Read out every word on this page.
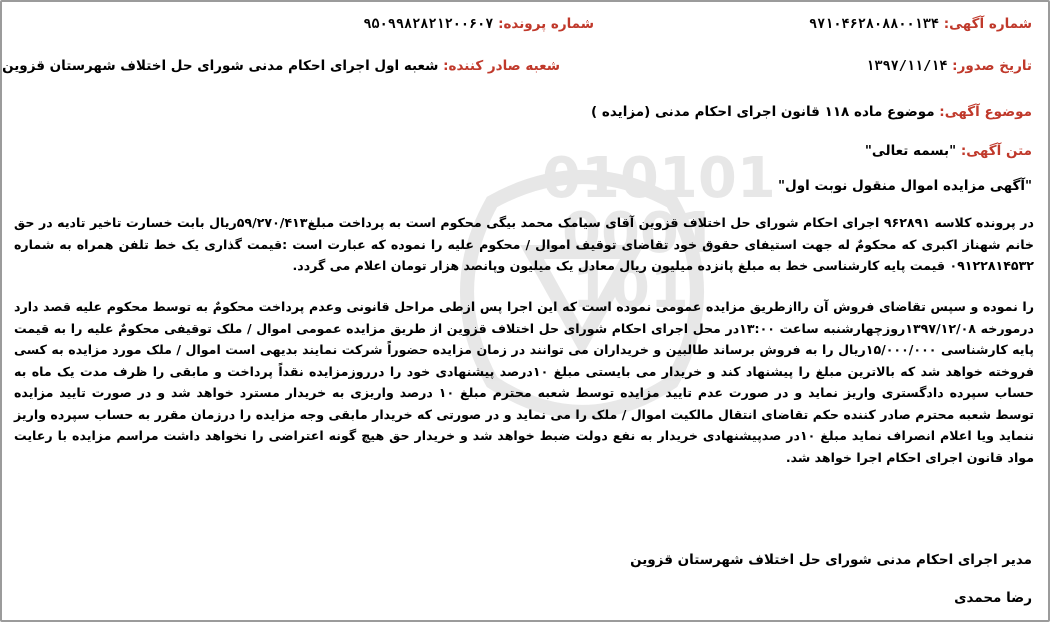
010101
0001
101
شماره آگهی: ۹۷۱۰۴۶۲۸۰۸۸۰۰۱۳۴
شماره پرونده: ۹۵۰۹۹۸۲۸۲۱۲۰۰۶۰۷
تاریخ صدور: ۱۳۹۷/۱۱/۱۴
شعبه صادر کننده: شعبه اول اجرای احکام مدنی شورای حل اختلاف شهرستان قزوین
موضوع آگهی: موضوع ماده ۱۱۸ قانون اجرای احکام مدنی (مزایده )
متن آگهی: "بسمه تعالی"
"آگهی مزایده اموال منقول نوبت اول"

در پرونده کلاسه ۹۶۲۸۹۱ اجرای احکام شورای حل اختلاف قزوین آقای سیامک محمد بیگی محکوم است به پرداخت مبلغ۵۹/۲۷۰/۴۱۳ریال بابت خسارت تاخیر تادیه در حق خانم شهناز اکبری که محکومٌ له جهت استیفای حقوق خود تقاضای توقیف اموال / محکوم علیه را نموده که عبارت است :قیمت گذاری یک خط تلفن همراه به شماره ۰۹۱۲۲۸۱۴۵۳۲ قیمت پایه کارشناسی خط به مبلغ پانزده میلیون ریال معادل یک میلیون وپانصد هزار تومان اعلام می گردد.

را نموده و سپس تقاضای فروش آن رااز‌طریق مزایده عمومی نموده است که این اجرا پس ازطی مراحل قانونی وعدم پرداخت محکومٌ به توسط محکوم علیه قصد دارد درمورخه ۱۳۹۷/۱۲/۰۸روزچهارشنبه ساعت ۱۳:۰۰در محل اجرای احکام شورای حل اختلاف قزوین از طریق مزایده عمومی اموال / ملک توقیفی محکومٌ علیه را به قیمت پایه کارشناسی ۱۵/۰۰۰/۰۰۰ریال را به فروش برساند طالبین و خریداران می توانند در زمان مزایده حضوراً شرکت نمایند بدیهی است اموال / ملک مورد مزایده به کسی فروخته خواهد شد که بالاترین مبلغ را پیشنهاد کند و خریدار می بایستی مبلغ ۱۰درصد پیشنهادی خود را درروزمزایده نقداً پرداخت و مابقی را ظرف مدت یک ماه به حساب سپرده دادگستری واریز نماید و در صورت عدم تایید مزایده توسط شعبه محترم مبلغ ۱۰ درصد واریزی به خریدار مسترد خواهد شد و در صورت تایید مزایده توسط شعبه محترم صادر کننده حکم تقاضای انتقال مالکیت اموال / ملک را می نماید و در صورتی که خریدار مابقی وجه مزایده را درزمان مقرر به حساب سپرده واریز ننماید ویا اعلام انصراف نماید مبلغ ۱۰در صدپیشنهادی خریدار به نفع دولت ضبط خواهد شد و خریدار حق هیچ گونه اعتراضی را نخواهد داشت مراسم مزایده با رعایت مواد قانون اجرای احکام اجرا خواهد شد.

مدیر اجرای احکام مدنی شورای حل اختلاف شهرستان قزوین
رضا محمدی
